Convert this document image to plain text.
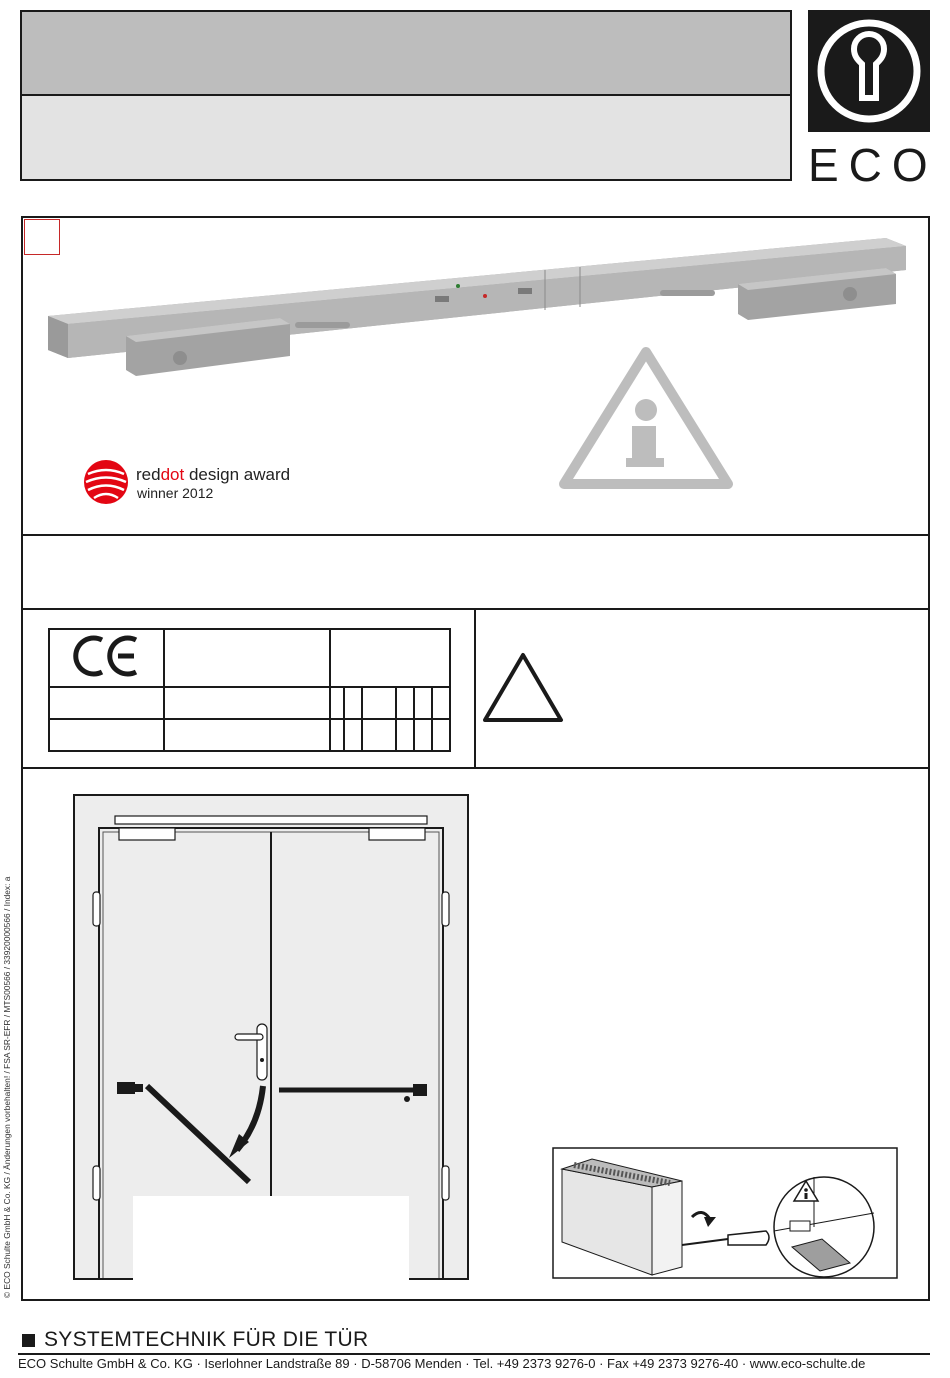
ECO
reddot design award
winner 2012

© ECO Schulte GmbH & Co. KG / Änderungen vorbehalten! / FSA SR-EFR / MTS00566 / 33920000566 / Index: a
SYSTEMTECHNIK FÜR DIE TÜR
ECO Schulte GmbH & Co. KG · Iserlohner Landstraße 89 · D-58706 Menden · Tel. +49 2373 9276-0 · Fax +49 2373 9276-40 · www.eco-schulte.de
